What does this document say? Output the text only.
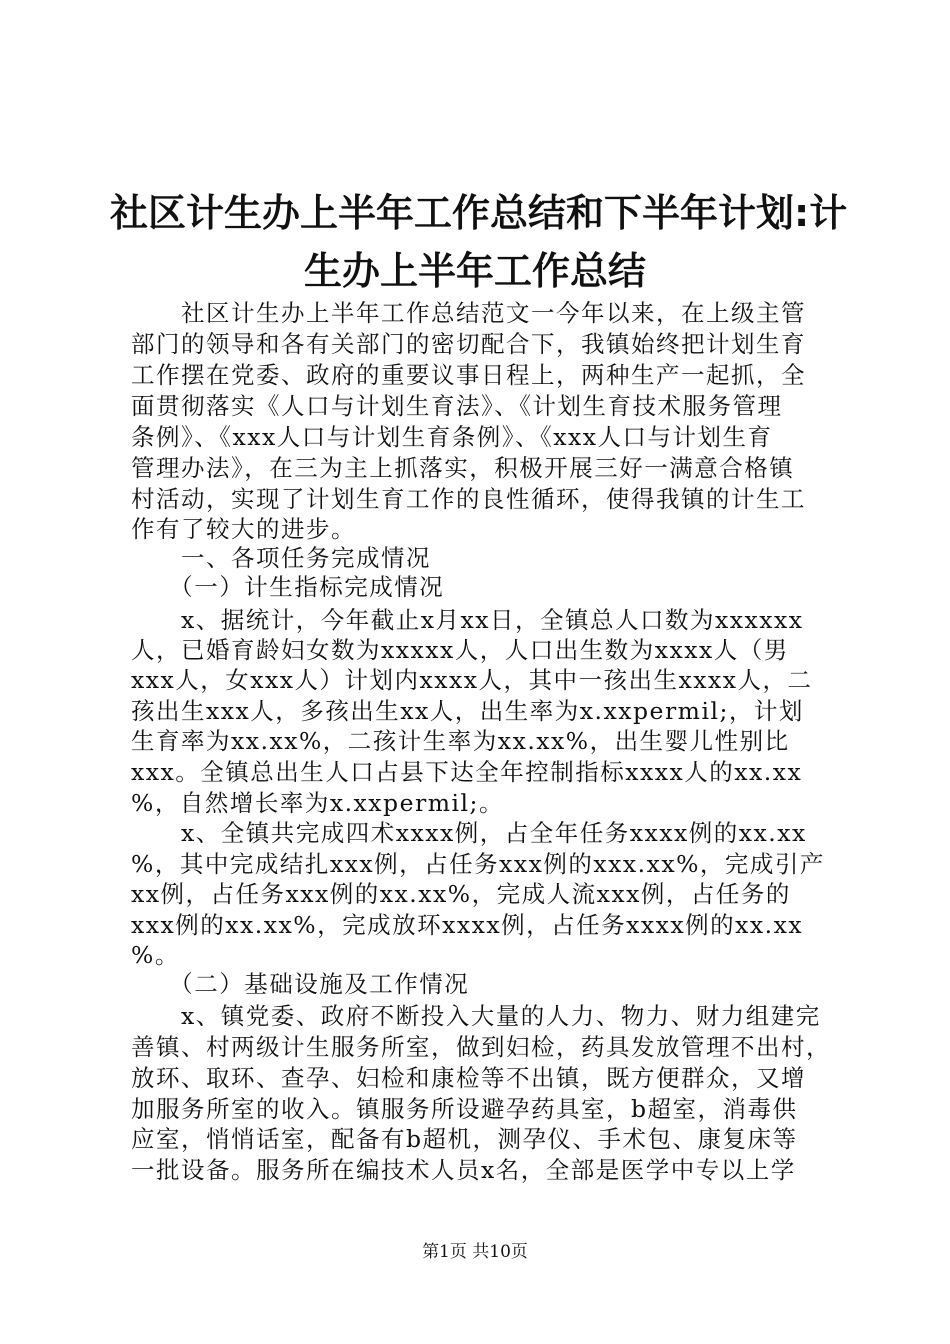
社区计生办上半年工作总结和下半年计划:计
生办上半年工作总结
　　社区计生办上半年工作总结范文一今年以来，在上级主管
部门的领导和各有关部门的密切配合下，我镇始终把计划生育
工作摆在党委、政府的重要议事日程上，两种生产一起抓，全
面贯彻落实《人口与计划生育法》、《计划生育技术服务管理
条例》、《xxx人口与计划生育条例》、《xxx人口与计划生育
管理办法》，在三为主上抓落实，积极开展三好一满意合格镇
村活动，实现了计划生育工作的良性循环，使得我镇的计生工
作有了较大的进步。
　　一、各项任务完成情况
　　（一）计生指标完成情况
　　x、据统计，今年截止x月xx日，全镇总人口数为xxxxxx
人，已婚育龄妇女数为xxxxx人，人口出生数为xxxx人（男
xxx人，女xxx人）计划内xxxx人，其中一孩出生xxxx人，二
孩出生xxx人，多孩出生xx人，出生率为x.xxpermil;，计划
生育率为xx.xx%，二孩计生率为xx.xx%，出生婴儿性别比
xxx。全镇总出生人口占县下达全年控制指标xxxx人的xx.xx
%，自然增长率为x.xxpermil;。
　　x、全镇共完成四术xxxx例，占全年任务xxxx例的xx.xx
%，其中完成结扎xxx例，占任务xxx例的xxx.xx%，完成引产
xx例，占任务xxx例的xx.xx%，完成人流xxx例，占任务的
xxx例的xx.xx%，完成放环xxxx例，占任务xxxx例的xx.xx
%。
　　（二）基础设施及工作情况
　　x、镇党委、政府不断投入大量的人力、物力、财力组建完
善镇、村两级计生服务所室，做到妇检，药具发放管理不出村，
放环、取环、查孕、妇检和康检等不出镇，既方便群众，又增
加服务所室的收入。镇服务所设避孕药具室，b超室，消毒供
应室，悄悄话室，配备有b超机，测孕仪、手术包、康复床等
一批设备。服务所在编技术人员x名，全部是医学中专以上学
第1页 共10页
